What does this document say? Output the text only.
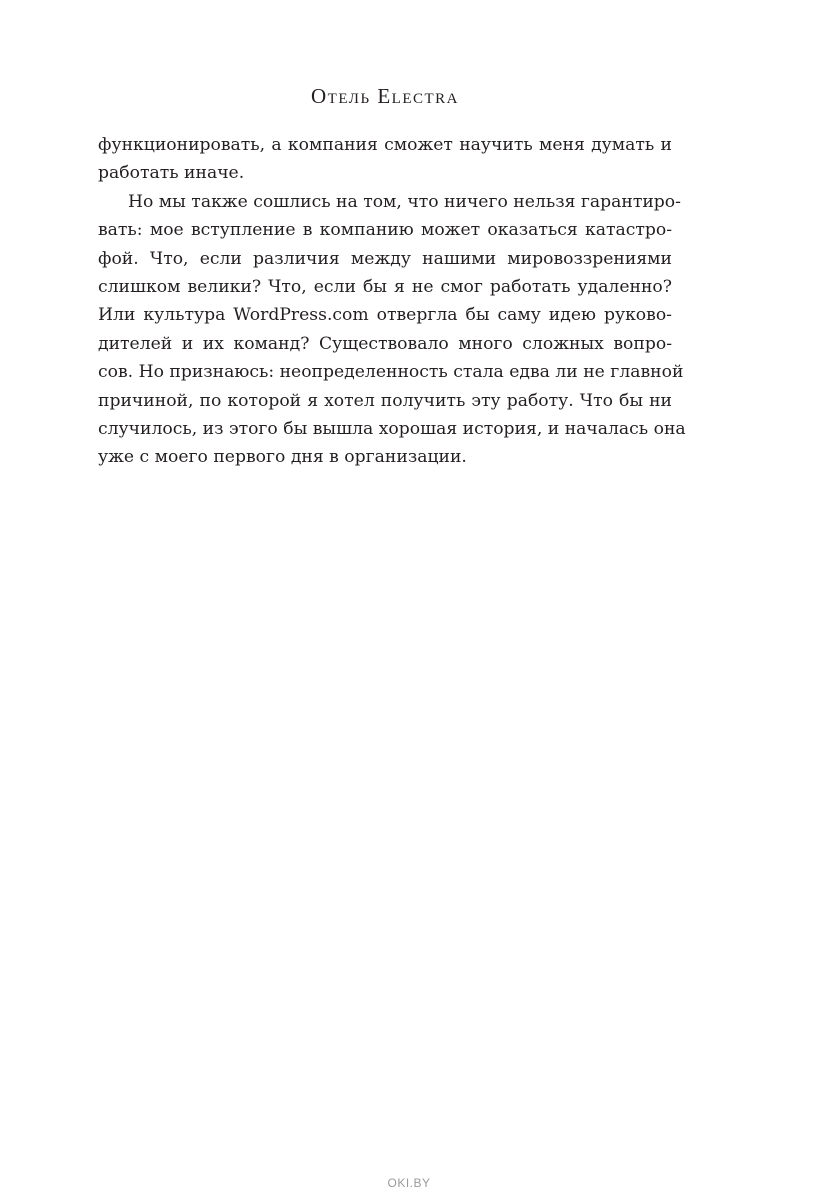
Отель Electra
функционировать, а компания сможет научить меня думать и
работать иначе.
Но мы также сошлись на том, что ничего нельзя гарантиро-
вать: мое вступление в компанию может оказаться катастро-
фой. Что, если различия между нашими мировоззрениями
слишком велики? Что, если бы я не смог работать удаленно?
Или культура WordPress.com отвергла бы саму идею руково-
дителей и их команд? Существовало много сложных вопро-
сов. Но признаюсь: неопределенность стала едва ли не главной
причиной, по которой я хотел получить эту работу. Что бы ни
случилось, из этого бы вышла хорошая история, и началась она
уже с моего первого дня в организации.
OKI.BY
